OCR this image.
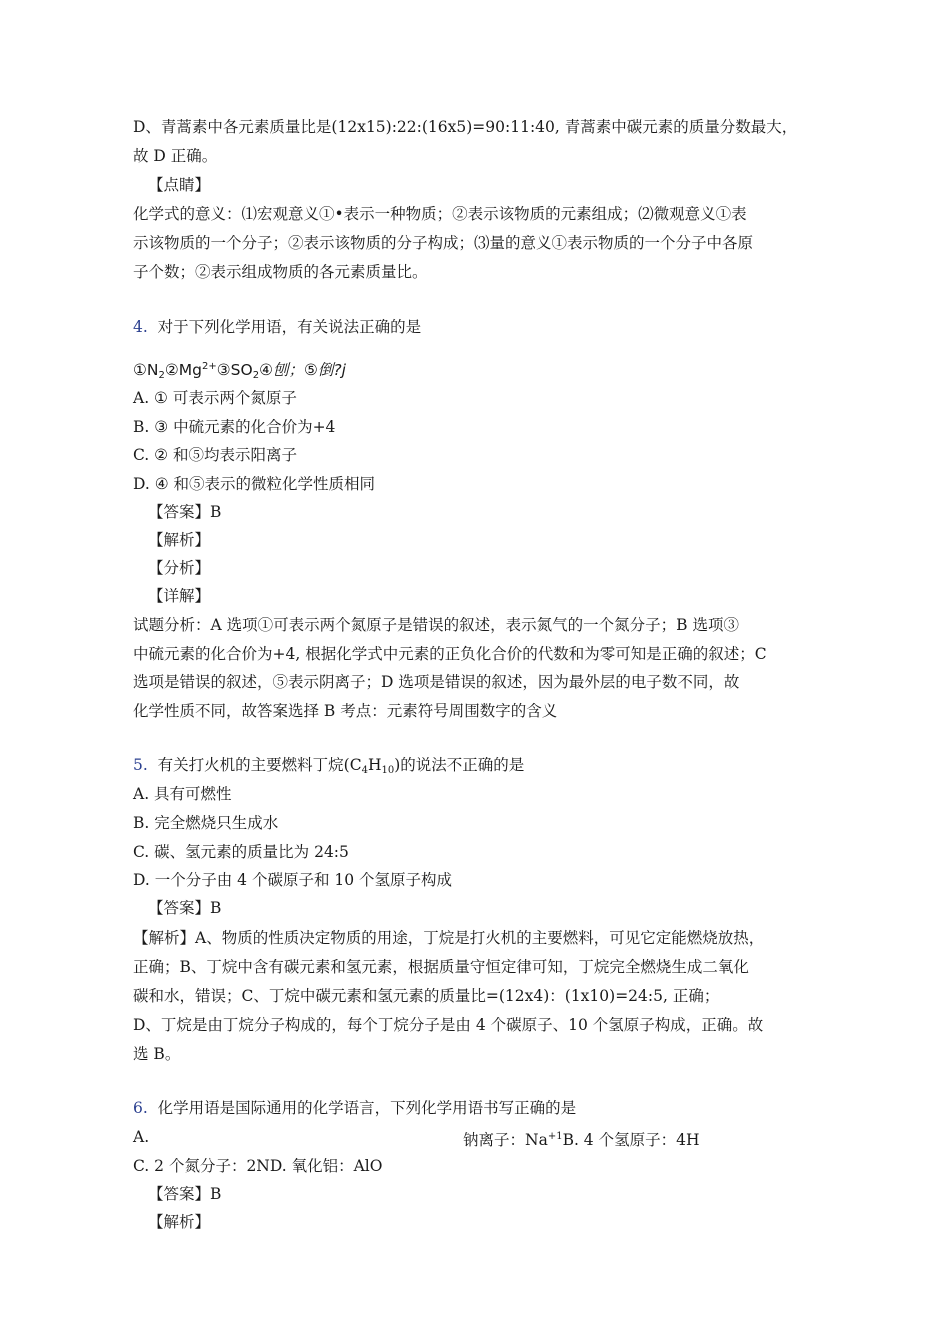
D、青蒿素中各元素质量比是(12x15):22:(16x5)=90:11:40, 青蒿素中碳元素的质量分数最大，
故 D 正确。
【点睛】
化学式的意义：⑴宏观意义①•表示一种物质；②表示该物质的元素组成；⑵微观意义①表
示该物质的一个分子；②表示该物质的分子构成；⑶量的意义①表示物质的一个分子中各原
子个数；②表示组成物质的各元素质量比。
4. 对于下列化学用语，有关说法正确的是
$①N_2②Mg^{2+}③SO_2④$刨；⑤倒?j
A. ① 可表示两个氮原子
B. ③ 中硫元素的化合价为+4
C. ② 和⑤均表示阳离子
D. ④ 和⑤表示的微粒化学性质相同
【答案】B
【解析】
【分析】
【详解】
试题分析：A 选项①可表示两个氮原子是错误的叙述，表示氮气的一个氮分子；B 选项③
中硫元素的化合价为+4, 根据化学式中元素的正负化合价的代数和为零可知是正确的叙述；C
选项是错误的叙述，⑤表示阴离子；D 选项是错误的叙述，因为最外层的电子数不同，故
化学性质不同，故答案选择 B 考点：元素符号周围数字的含义
5. 有关打火机的主要燃料丁烷$(C_4H_{10})$的说法不正确的是
A. 具有可燃性
B. 完全燃烧只生成水
C. 碳、氢元素的质量比为 24:5
D. 一个分子由 4 个碳原子和 10 个氢原子构成
【答案】B
【解析】A、物质的性质决定物质的用途，丁烷是打火机的主要燃料，可见它定能燃烧放热，
正确；B、丁烷中含有碳元素和氢元素，根据质量守恒定律可知，丁烷完全燃烧生成二氧化
碳和水，错误；C、丁烷中碳元素和氢元素的质量比=(12x4)：(1x10)=24:5, 正确；
D、丁烷是由丁烷分子构成的，每个丁烷分子是由 4 个碳原子、10 个氢原子构成，正确。故
选 B。
6. 化学用语是国际通用的化学语言，下列化学用语书写正确的是
A.	钠离子：$Na^{+1}B$. 4 个氢原子：4H
C. 2 个氮分子：2ND. 氧化铝：AlO
【答案】B
【解析】
